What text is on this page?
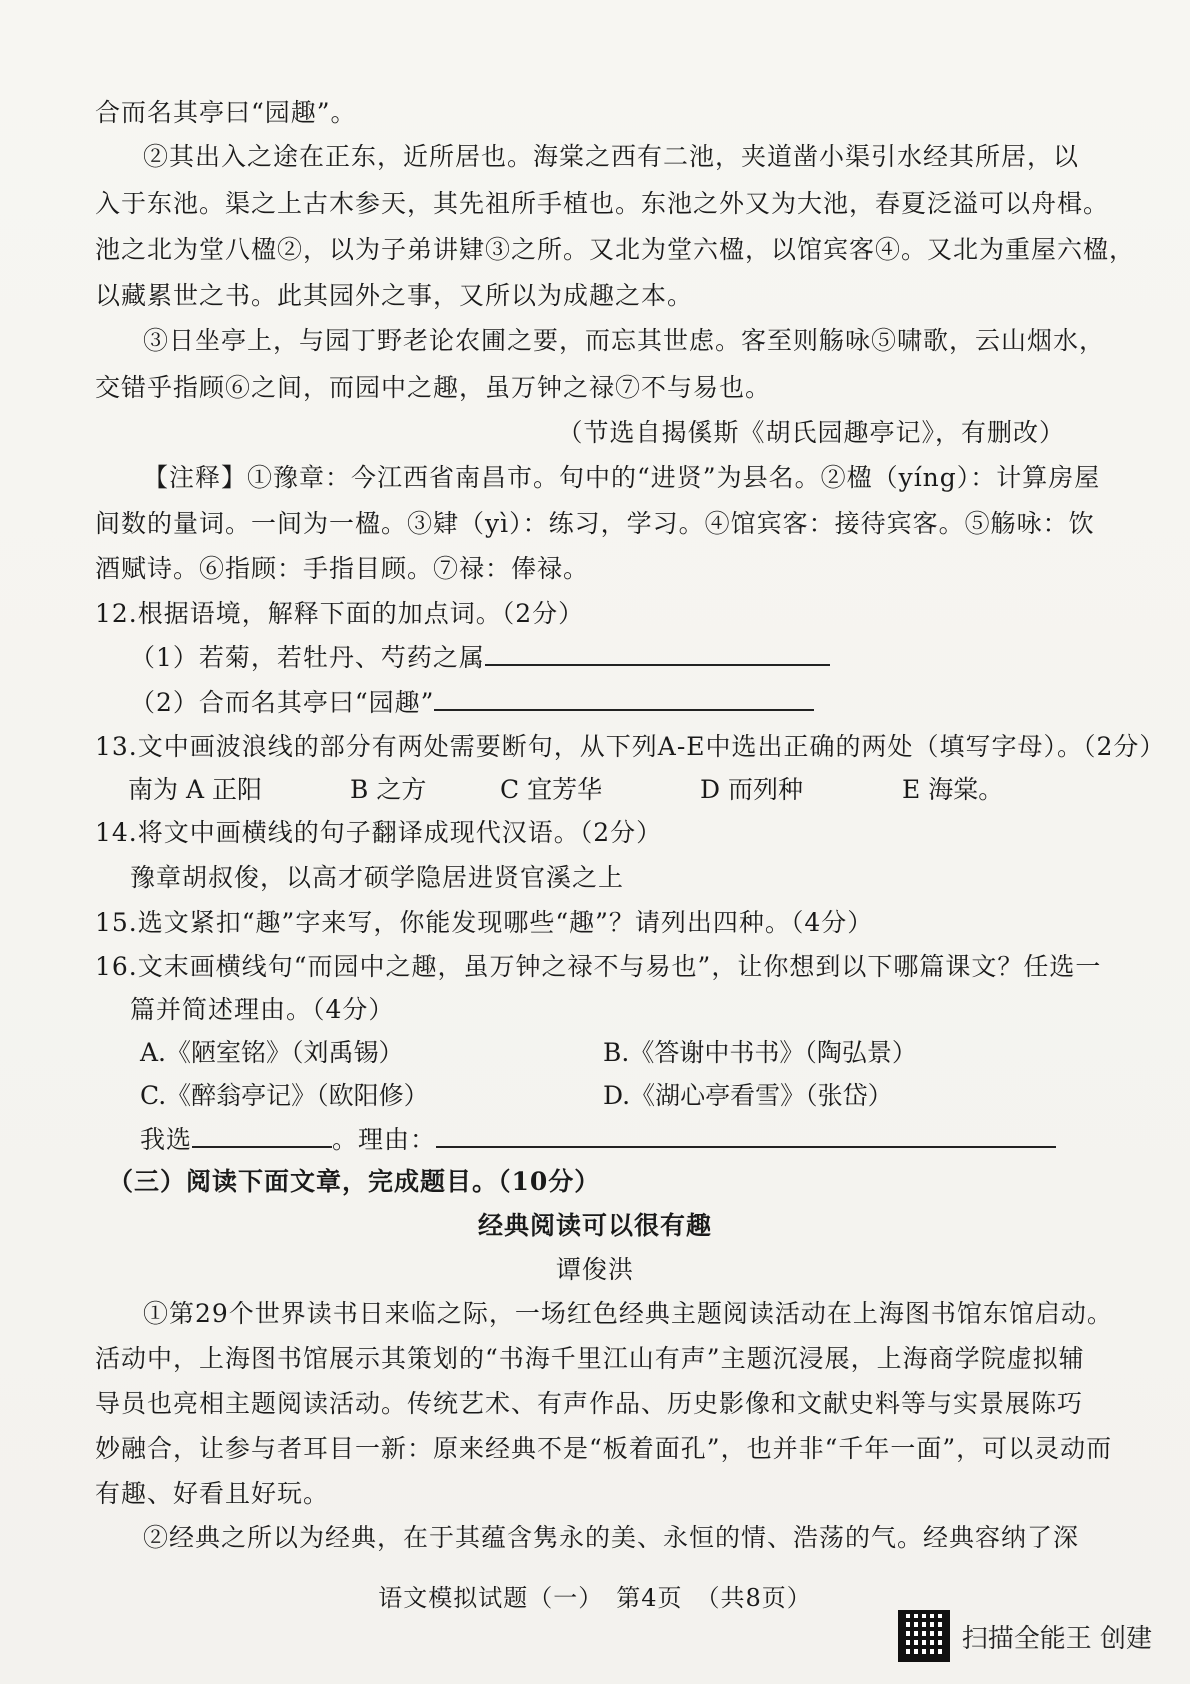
合而名其亭曰“园趣”。
②其出入之途在正东，近所居也。海棠之西有二池，夹道凿小渠引水经其所居，以
入于东池。渠之上古木参天，其先祖所手植也。东池之外又为大池，春夏泛溢可以舟楫。
池之北为堂八楹②，以为子弟讲肄③之所。又北为堂六楹，以馆宾客④。又北为重屋六楹，
以藏累世之书。此其园外之事，又所以为成趣之本。
③日坐亭上，与园丁野老论农圃之要，而忘其世虑。客至则觞咏⑤啸歌，云山烟水，
交错乎指顾⑥之间，而园中之趣，虽万钟之禄⑦不与易也。
（节选自揭傒斯《胡氏园趣亭记》，有删改）
【注释】①豫章：今江西省南昌市。句中的“进贤”为县名。②楹（yíng）：计算房屋
间数的量词。一间为一楹。③肄（yì）：练习，学习。④馆宾客：接待宾客。⑤觞咏：饮
酒赋诗。⑥指顾：手指目顾。⑦禄：俸禄。
12.根据语境，解释下面的加点词。（2分）
（1）若菊，若牡丹、芍药之属
（2）合而名其亭曰“园趣”
13.文中画波浪线的部分有两处需要断句，从下列A-E中选出正确的两处（填写字母）。（2分）
南为 A 正阳	B 之方	C 宜芳华	D 而列种	E 海棠。
14.将文中画横线的句子翻译成现代汉语。（2分）
豫章胡叔俊，以高才硕学隐居进贤官溪之上
15.选文紧扣“趣”字来写，你能发现哪些“趣”？请列出四种。（4分）
16.文末画横线句“而园中之趣，虽万钟之禄不与易也”，让你想到以下哪篇课文？任选一
篇并简述理由。（4分）
A.《陋室铭》（刘禹锡）	B.《答谢中书书》（陶弘景）
C.《醉翁亭记》（欧阳修）	D.《湖心亭看雪》（张岱）
我选	。理由：
（三）阅读下面文章，完成题目。（10分）
经典阅读可以很有趣
谭俊洪
①第29个世界读书日来临之际，一场红色经典主题阅读活动在上海图书馆东馆启动。
活动中，上海图书馆展示其策划的“书海千里江山有声”主题沉浸展，上海商学院虚拟辅
导员也亮相主题阅读活动。传统艺术、有声作品、历史影像和文献史料等与实景展陈巧
妙融合，让参与者耳目一新：原来经典不是“板着面孔”，也并非“千年一面”，可以灵动而
有趣、好看且好玩。
②经典之所以为经典，在于其蕴含隽永的美、永恒的情、浩荡的气。经典容纳了深
语文模拟试题（一）　第4页　（共8页）
扫描全能王 创建
